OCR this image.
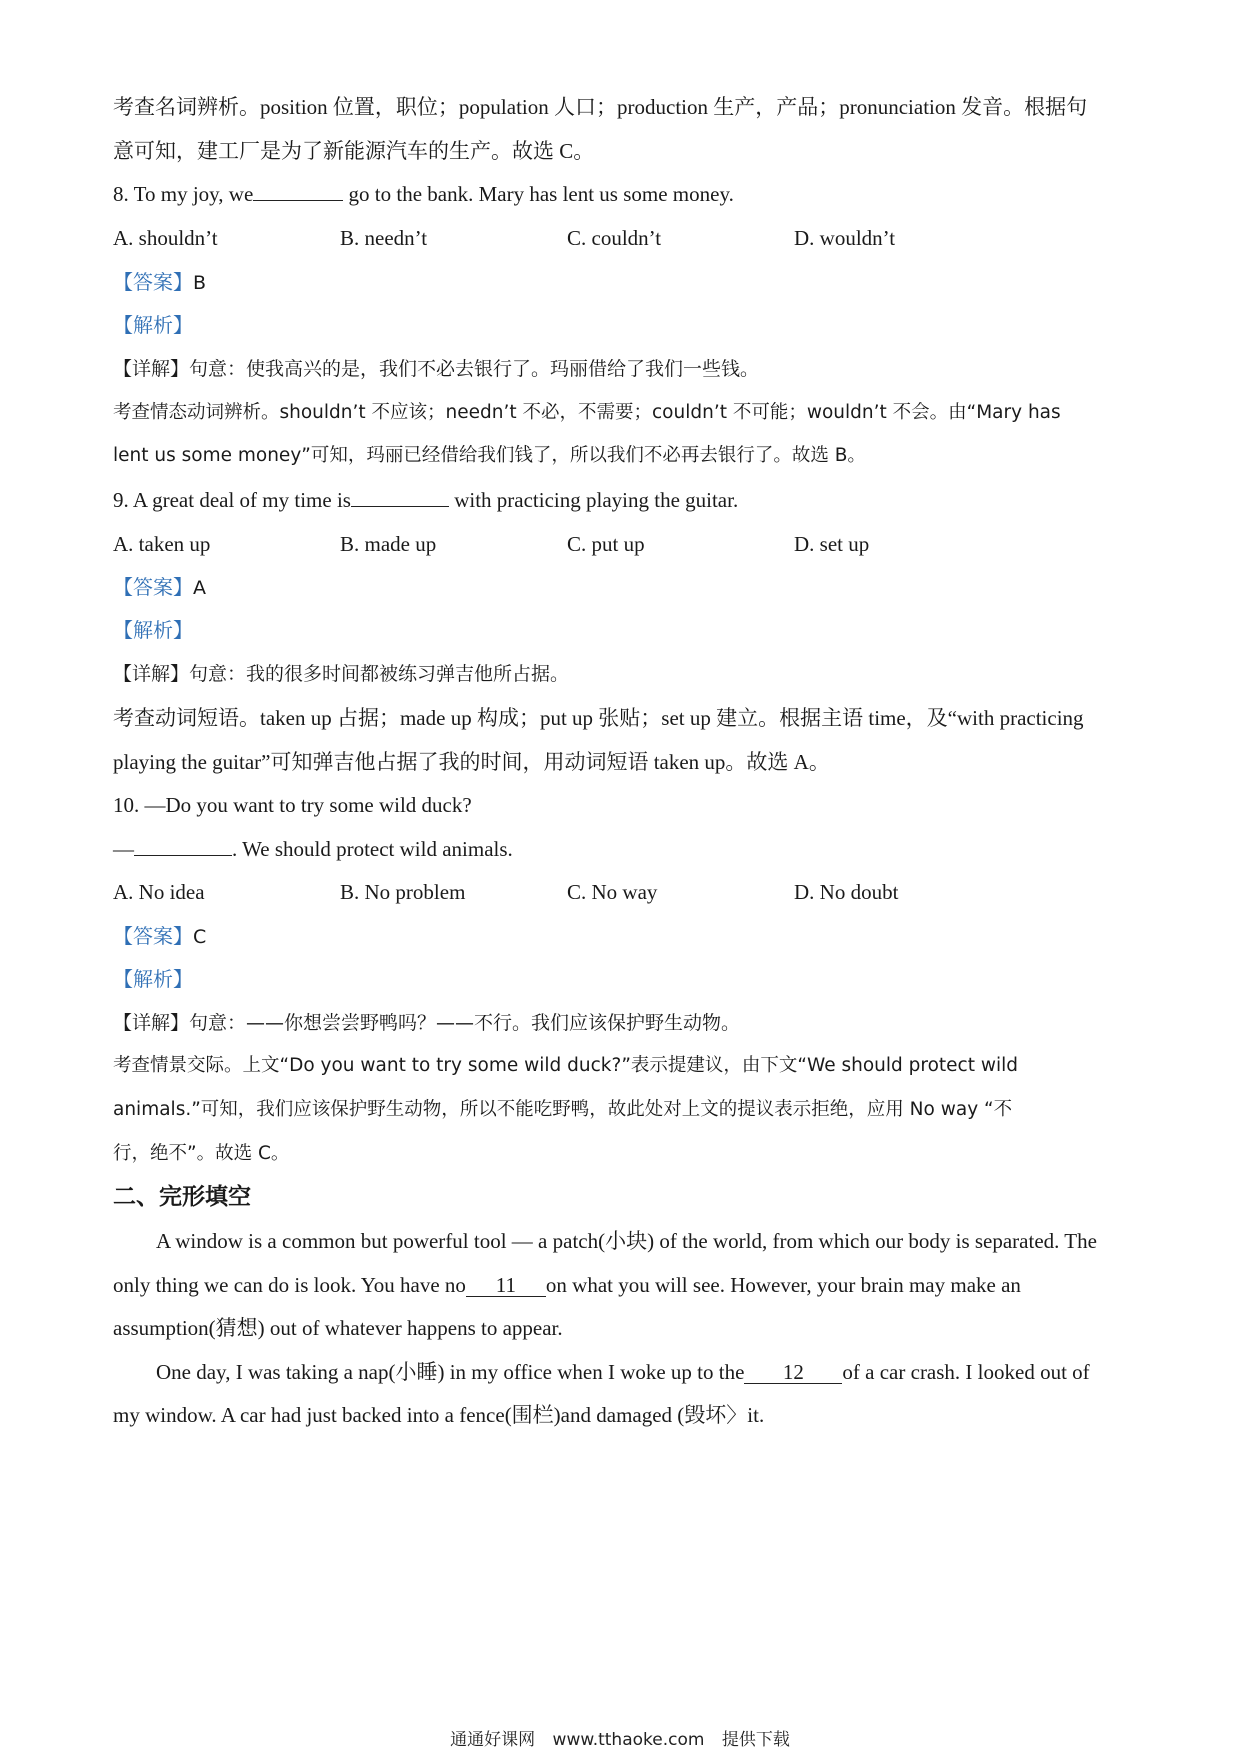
考查名词辨析。position 位置，职位；population 人口；production 生产，产品；pronunciation 发音。根据句
意可知，建工厂是为了新能源汽车的生产。故选 C。
8. To my joy, we	go to the bank. Mary has lent us some money.
A. shouldn’t	B. needn’t	C. couldn’t	D. wouldn’t
【答案】B
【解析】
【详解】句意：使我高兴的是，我们不必去银行了。玛丽借给了我们一些钱。
考查情态动词辨析。shouldn’t 不应该；needn’t 不必，不需要；couldn’t 不可能；wouldn’t 不会。由“Mary has
lent us some money”可知，玛丽已经借给我们钱了，所以我们不必再去银行了。故选 B。
9. A great deal of my time is	with practicing playing the guitar.
A. taken up	B. made up	C. put up	D. set up
【答案】A
【解析】
【详解】句意：我的很多时间都被练习弹吉他所占据。
考查动词短语。taken up 占据；made up 构成；put up 张贴；set up 建立。根据主语 time，及“with practicing
playing the guitar”可知弹吉他占据了我的时间，用动词短语 taken up。故选 A。
10. —Do you want to try some wild duck?
—	. We should protect wild animals.
A. No idea	B. No problem	C. No way	D. No doubt
【答案】C
【解析】
【详解】句意：——你想尝尝野鸭吗？——不行。我们应该保护野生动物。
考查情景交际。上文“Do you want to try some wild duck?”表示提建议，由下文“We should protect wild
animals.”可知，我们应该保护野生动物，所以不能吃野鸭，故此处对上文的提议表示拒绝，应用 No way “不
行，绝不”。故选 C。
二、完形填空
A window is a common but powerful tool — a patch(小块) of the world, from which our body is separated. The
only thing we can do is look. You have no 11 on what you will see. However, your brain may make an
assumption(猜想) out of whatever happens to appear.
One day, I was taking a nap(小睡) in my office when I woke up to the 12 of a car crash. I looked out of
my window. A car had just backed into a fence(围栏)and damaged (毁坏〉it.
通通好课网 www.tthaoke.com 提供下载
